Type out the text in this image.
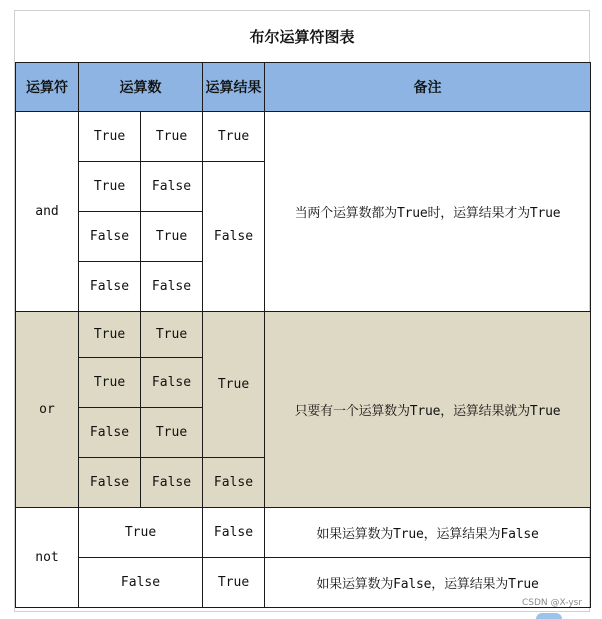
布尔运算符图表
运算符	运算数		运算结果	备注
and	True	True	True	当两个运算数都为True时，运算结果才为True
	True	False	False	
	False	True		
	False	False		
or	True	True	True	只要有一个运算数为True，运算结果就为True
	True	False		
	False	True		
	False	False	False	
not	True		False	如果运算数为True，运算结果为False
	False		True	如果运算数为False，运算结果为True
CSDN @X-ysr
